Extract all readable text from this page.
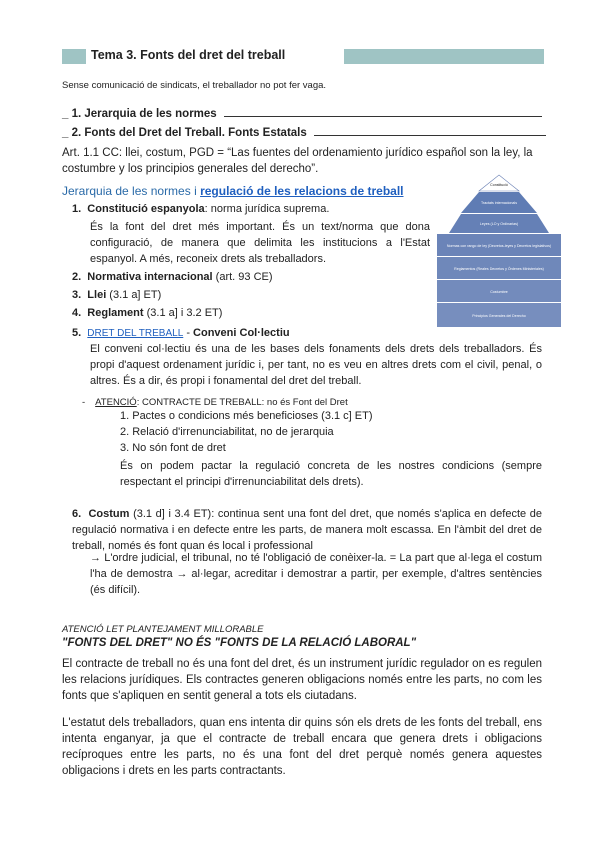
Tema 3. Fonts del dret del treball
Sense comunicació de sindicats, el treballador no pot fer vaga.
_ 1. Jerarquia de les normes
_ 2. Fonts del Dret del Treball. Fonts Estatals
Art. 1.1 CC: llei, costum, PGD = “Las fuentes del ordenamiento jurídico español son la ley, la costumbre y los principios generales del derecho”.
Jerarquia de les normes i regulació de les relacions de treball	Constitució
Tractats internacionals
Leyes (LO y Ordinarias)
Normas con rango de ley (Decretos-leyes y Decretos legislativos)
Reglamentos (Reales Decretos y Órdenes Ministeriales)
Costumbre
Principios Generales del Derecho
1.  Constitució espanyola: norma jurídica suprema.
És la font del dret més important. És un text/norma que dona configuració, de manera que delimita les institucions a l'Estat espanyol. A més, reconeix drets als treballadors.
2.  Normativa internacional (art. 93 CE)
3.  Llei (3.1 a] ET)
4.  Reglament (3.1 a] i 3.2 ET)
5.  DRET DEL TREBALL - Conveni Col·lectiu
El conveni col·lectiu és una de les bases dels fonaments dels drets dels treballadors. És propi d'aquest ordenament jurídic i, per tant, no es veu en altres drets com el civil, penal, o altres. És a dir, és propi i fonamental del dret del treball.
- ATENCIÓ: CONTRACTE DE TREBALL: no és Font del Dret
1. Pactes o condicions més beneficioses (3.1 c] ET)
2. Relació d'irrenunciabilitat, no de jerarquia
3. No són font de dret
És on podem pactar la regulació concreta de les nostres condicions (sempre respectant el principi d'irrenunciabilitat dels drets).
6.  Costum (3.1 d] i 3.4 ET): continua sent una font del dret, que només s'aplica en defecte de regulació normativa i en defecte entre les parts, de manera molt escassa. En l'àmbit del dret de treball, només és font quan és local i professional
→ L'ordre judicial, el tribunal, no té l'obligació de conèixer-la. = La part que al·lega el costum l'ha de demostra → al·legar, acreditar i demostrar a partir, per exemple, d'altres sentències (és difícil).
ATENCIÓ LET PLANTEJAMENT MILLORABLE
"FONTS DEL DRET" NO ÉS "FONTS DE LA RELACIÓ LABORAL"
El contracte de treball no és una font del dret, és un instrument jurídic regulador on es regulen les relacions jurídiques. Els contractes generen obligacions només entre les parts, no com les fonts que s'apliquen en sentit general a tots els ciutadans.
L'estatut dels treballadors, quan ens intenta dir quins són els drets de les fonts del treball, ens intenta enganyar, ja que el contracte de treball encara que genera drets i obligacions recíproques entre les parts, no és una font del dret perquè només genera aquestes obligacions i drets en les parts contractants.
